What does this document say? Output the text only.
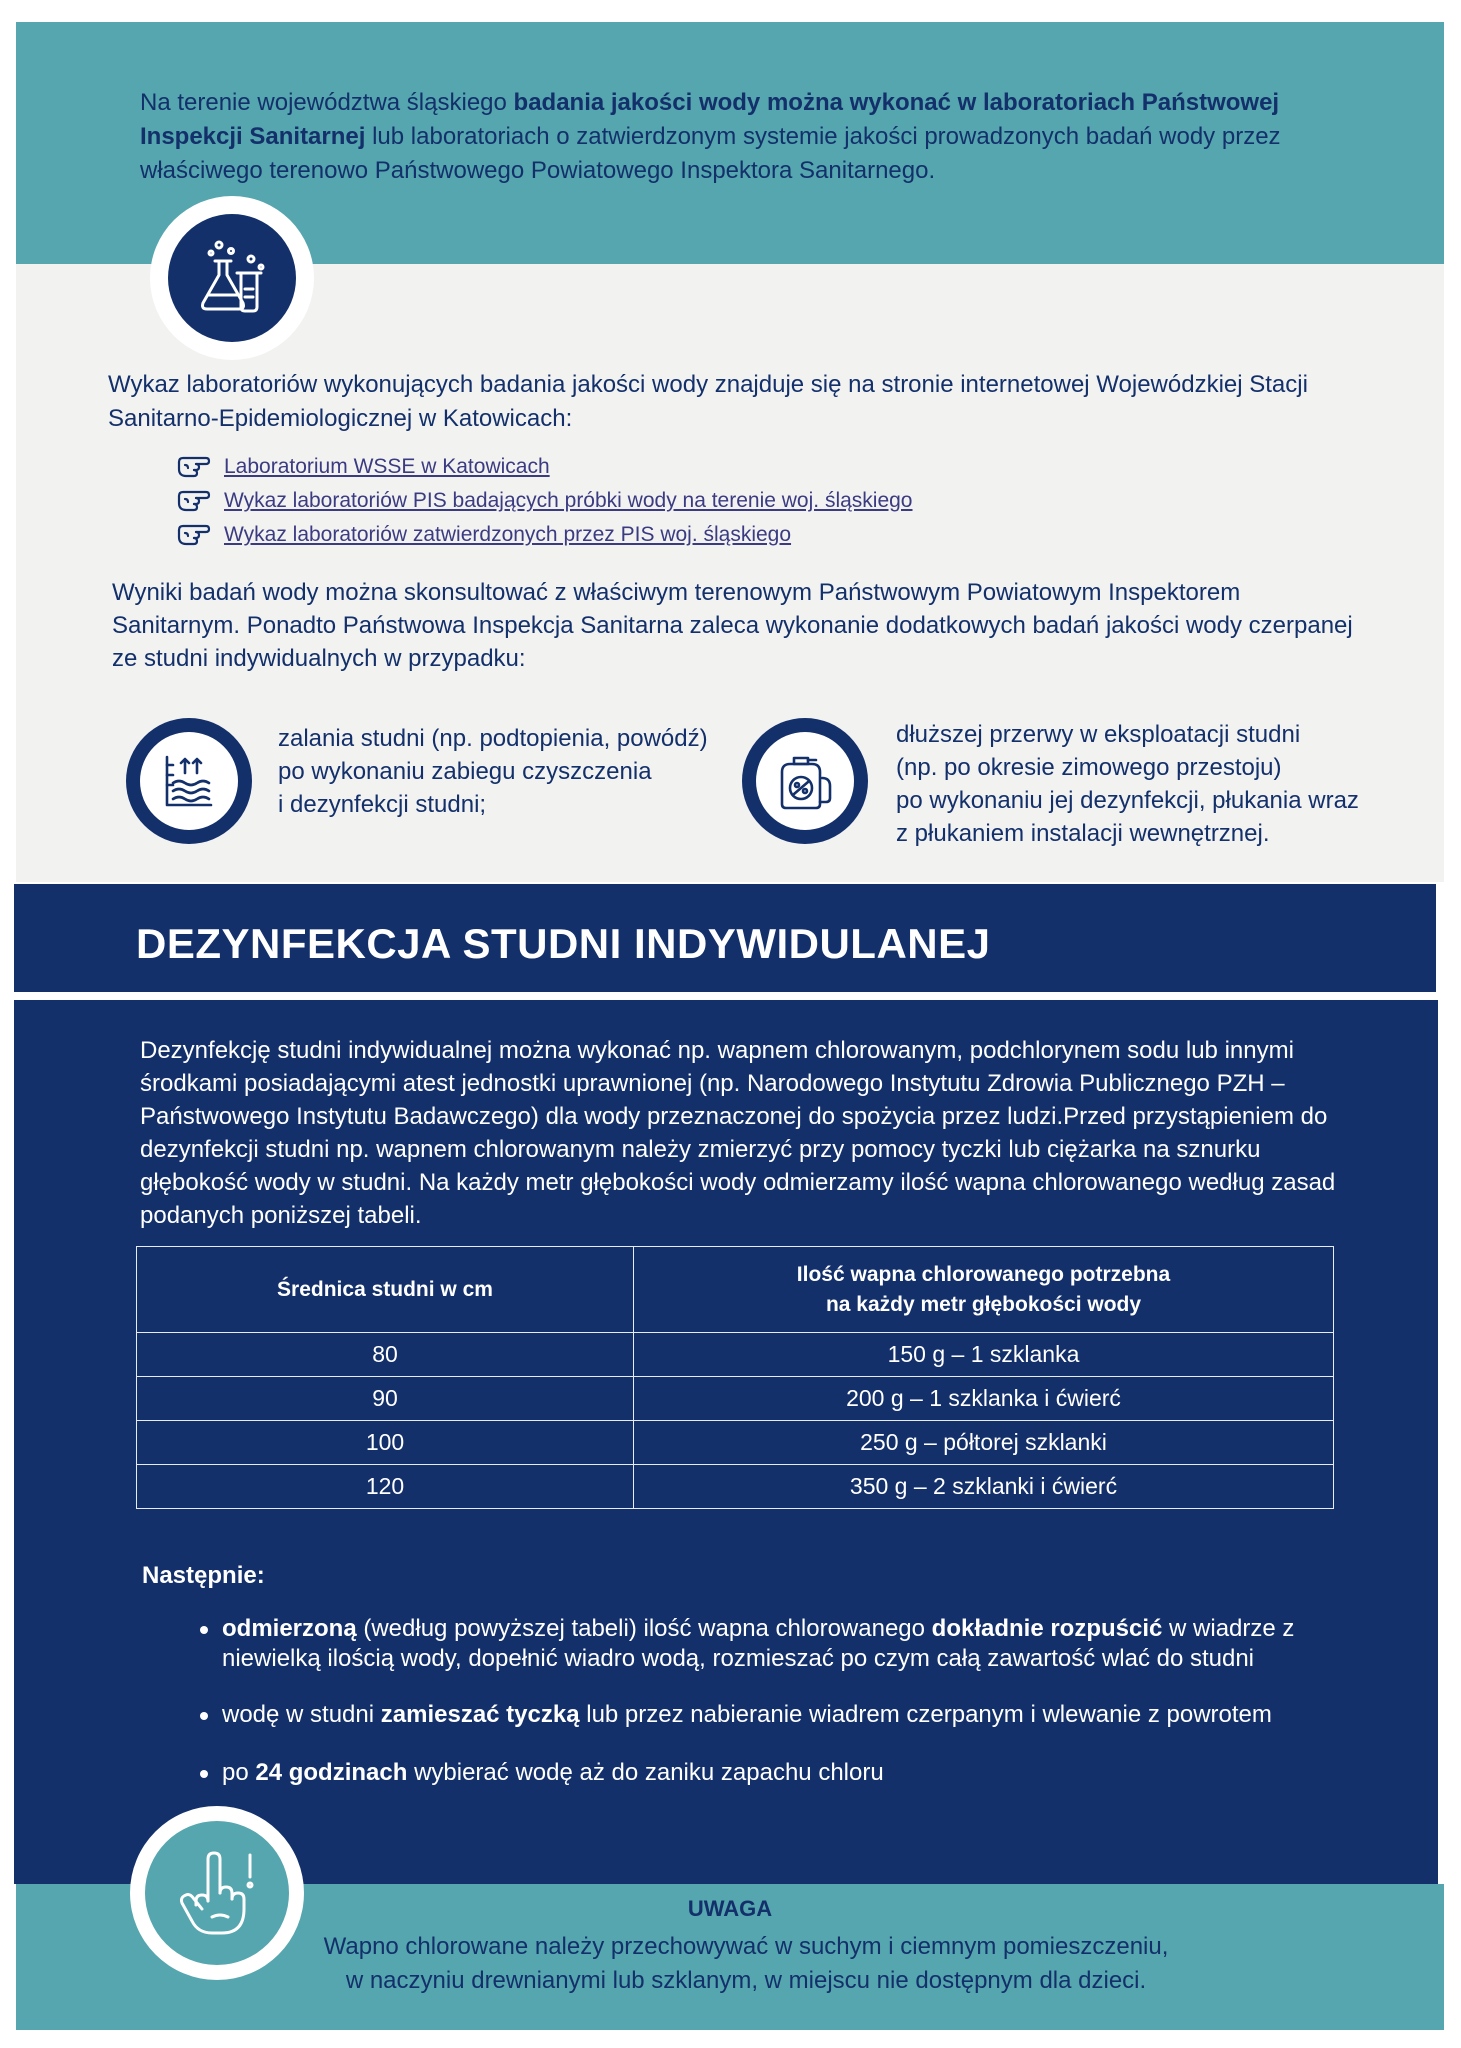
Na terenie województwa śląskiego badania jakości wody można wykonać w laboratoriach Państwowej Inspekcji Sanitarnej lub laboratoriach o zatwierdzonym systemie jakości prowadzonych badań wody przez właściwego terenowo Państwowego Powiatowego Inspektora Sanitarnego.

Wykaz laboratoriów wykonujących badania jakości wody znajduje się na stronie internetowej Wojewódzkiej Stacji Sanitarno-Epidemiologicznej w Katowicach:

Laboratorium WSSE w Katowicach
Wykaz laboratoriów PIS badających próbki wody na terenie woj. śląskiego
Wykaz laboratoriów zatwierdzonych przez PIS woj. śląskiego

Wyniki badań wody można skonsultować z właściwym terenowym Państwowym Powiatowym Inspektorem Sanitarnym. Ponadto Państwowa Inspekcja Sanitarna zaleca wykonanie dodatkowych badań jakości wody czerpanej ze studni indywidualnych w przypadku:

zalania studni (np. podtopienia, powódź)
po wykonaniu zabiegu czyszczenia
i dezynfekcji studni;
dłuższej przerwy w eksploatacji studni
(np. po okresie zimowego przestoju)
po wykonaniu jej dezynfekcji, płukania wraz
z płukaniem instalacji wewnętrznej.
DEZYNFEKCJA STUDNI INDYWIDULANEJ

Dezynfekcję studni indywidualnej można wykonać np. wapnem chlorowanym, podchlorynem sodu lub innymi środkami posiadającymi atest jednostki uprawnionej (np. Narodowego Instytutu Zdrowia Publicznego PZH – Państwowego Instytutu Badawczego) dla wody przeznaczonej do spożycia przez ludzi.Przed przystąpieniem do dezynfekcji studni np. wapnem chlorowanym należy zmierzyć przy pomocy tyczki lub ciężarka na sznurku głębokość wody w studni. Na każdy metr głębokości wody odmierzamy ilość wapna chlorowanego według zasad podanych poniższej tabeli.

Średnica studni w cm	Ilość wapna chlorowanego potrzebna
na każdy metr głębokości wody
80	150 g – 1 szklanka
90	200 g – 1 szklanka i ćwierć
100	250 g – półtorej szklanki
120	350 g – 2 szklanki i ćwierć
Następnie:
odmierzoną (według powyższej tabeli) ilość wapna chlorowanego dokładnie rozpuścić w wiadrze z niewielką ilością wody, dopełnić wiadro wodą, rozmieszać po czym całą zawartość wlać do studni
wodę w studni zamieszać tyczką lub przez nabieranie wiadrem czerpanym i wlewanie z powrotem
po 24 godzinach wybierać wodę aż do zaniku zapachu chloru
UWAGA
Wapno chlorowane należy przechowywać w suchym i ciemnym pomieszczeniu,
w naczyniu drewnianymi lub szklanym, w miejscu nie dostępnym dla dzieci.
